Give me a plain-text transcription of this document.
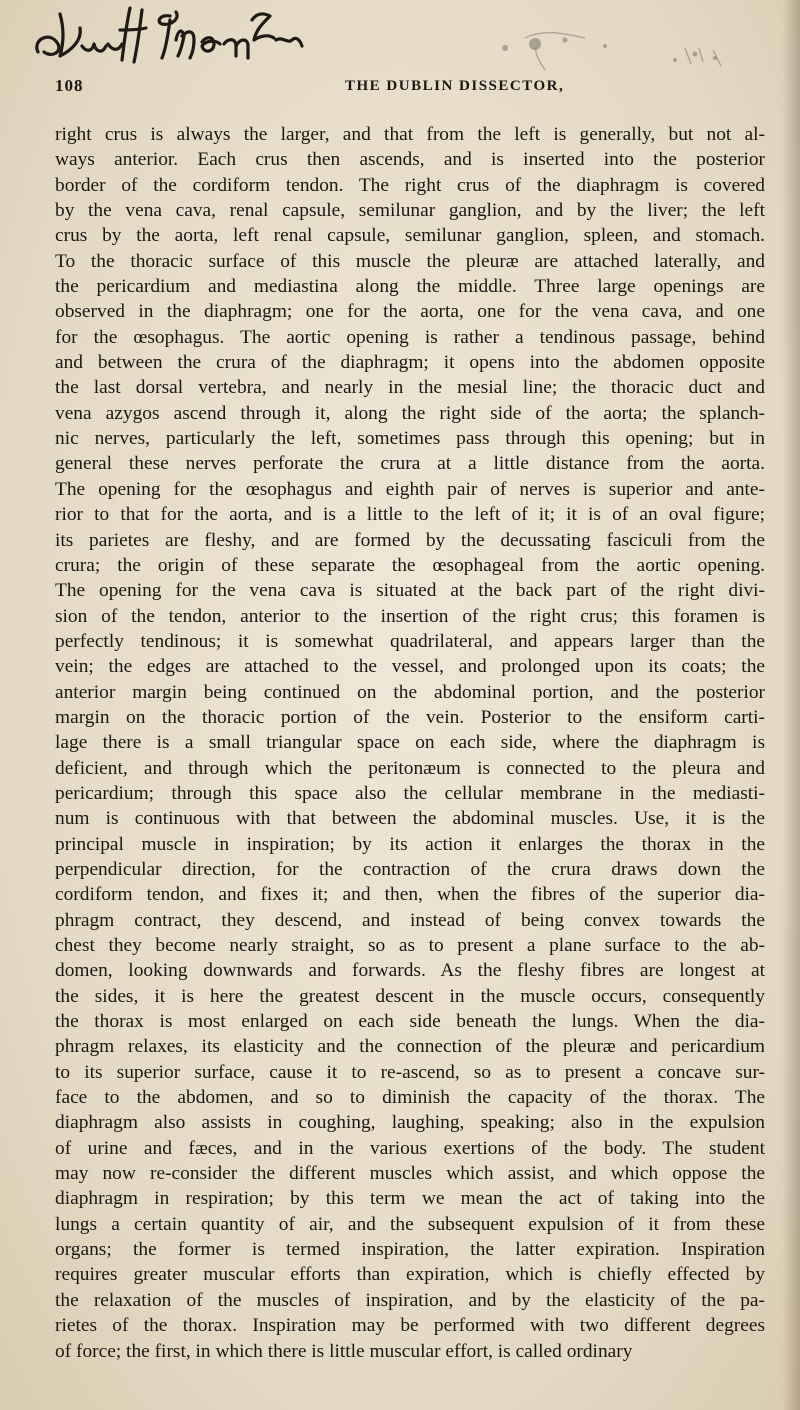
108	THE DUBLIN DISSECTOR,
right crus is always the larger, and that from the left is generally, but not al-
ways anterior. Each crus then ascends, and is inserted into the posterior
border of the cordiform tendon. The right crus of the diaphragm is covered
by the vena cava, renal capsule, semilunar ganglion, and by the liver; the left
crus by the aorta, left renal capsule, semilunar ganglion, spleen, and stomach.
To the thoracic surface of this muscle the pleuræ are attached laterally, and
the pericardium and mediastina along the middle. Three large openings are
observed in the diaphragm; one for the aorta, one for the vena cava, and one
for the œsophagus. The aortic opening is rather a tendinous passage, behind
and between the crura of the diaphragm; it opens into the abdomen opposite
the last dorsal vertebra, and nearly in the mesial line; the thoracic duct and
vena azygos ascend through it, along the right side of the aorta; the splanch-
nic nerves, particularly the left, sometimes pass through this opening; but in
general these nerves perforate the crura at a little distance from the aorta.
The opening for the œsophagus and eighth pair of nerves is superior and ante-
rior to that for the aorta, and is a little to the left of it; it is of an oval figure;
its parietes are fleshy, and are formed by the decussating fasciculi from the
crura; the origin of these separate the œsophageal from the aortic opening.
The opening for the vena cava is situated at the back part of the right divi-
sion of the tendon, anterior to the insertion of the right crus; this foramen is
perfectly tendinous; it is somewhat quadrilateral, and appears larger than the
vein; the edges are attached to the vessel, and prolonged upon its coats; the
anterior margin being continued on the abdominal portion, and the posterior
margin on the thoracic portion of the vein. Posterior to the ensiform carti-
lage there is a small triangular space on each side, where the diaphragm is
deficient, and through which the peritonæum is connected to the pleura and
pericardium; through this space also the cellular membrane in the mediasti-
num is continuous with that between the abdominal muscles. Use, it is the
principal muscle in inspiration; by its action it enlarges the thorax in the
perpendicular direction, for the contraction of the crura draws down the
cordiform tendon, and fixes it; and then, when the fibres of the superior dia-
phragm contract, they descend, and instead of being convex towards the
chest they become nearly straight, so as to present a plane surface to the ab-
domen, looking downwards and forwards. As the fleshy fibres are longest at
the sides, it is here the greatest descent in the muscle occurs, consequently
the thorax is most enlarged on each side beneath the lungs. When the dia-
phragm relaxes, its elasticity and the connection of the pleuræ and pericardium
to its superior surface, cause it to re-ascend, so as to present a concave sur-
face to the abdomen, and so to diminish the capacity of the thorax. The
diaphragm also assists in coughing, laughing, speaking; also in the expulsion
of urine and fæces, and in the various exertions of the body. The student
may now re-consider the different muscles which assist, and which oppose the
diaphragm in respiration; by this term we mean the act of taking into the
lungs a certain quantity of air, and the subsequent expulsion of it from these
organs; the former is termed inspiration, the latter expiration. Inspiration
requires greater muscular efforts than expiration, which is chiefly effected by
the relaxation of the muscles of inspiration, and by the elasticity of the pa-
rietes of the thorax. Inspiration may be performed with two different degrees
of force; the first, in which there is little muscular effort, is called ordinary
